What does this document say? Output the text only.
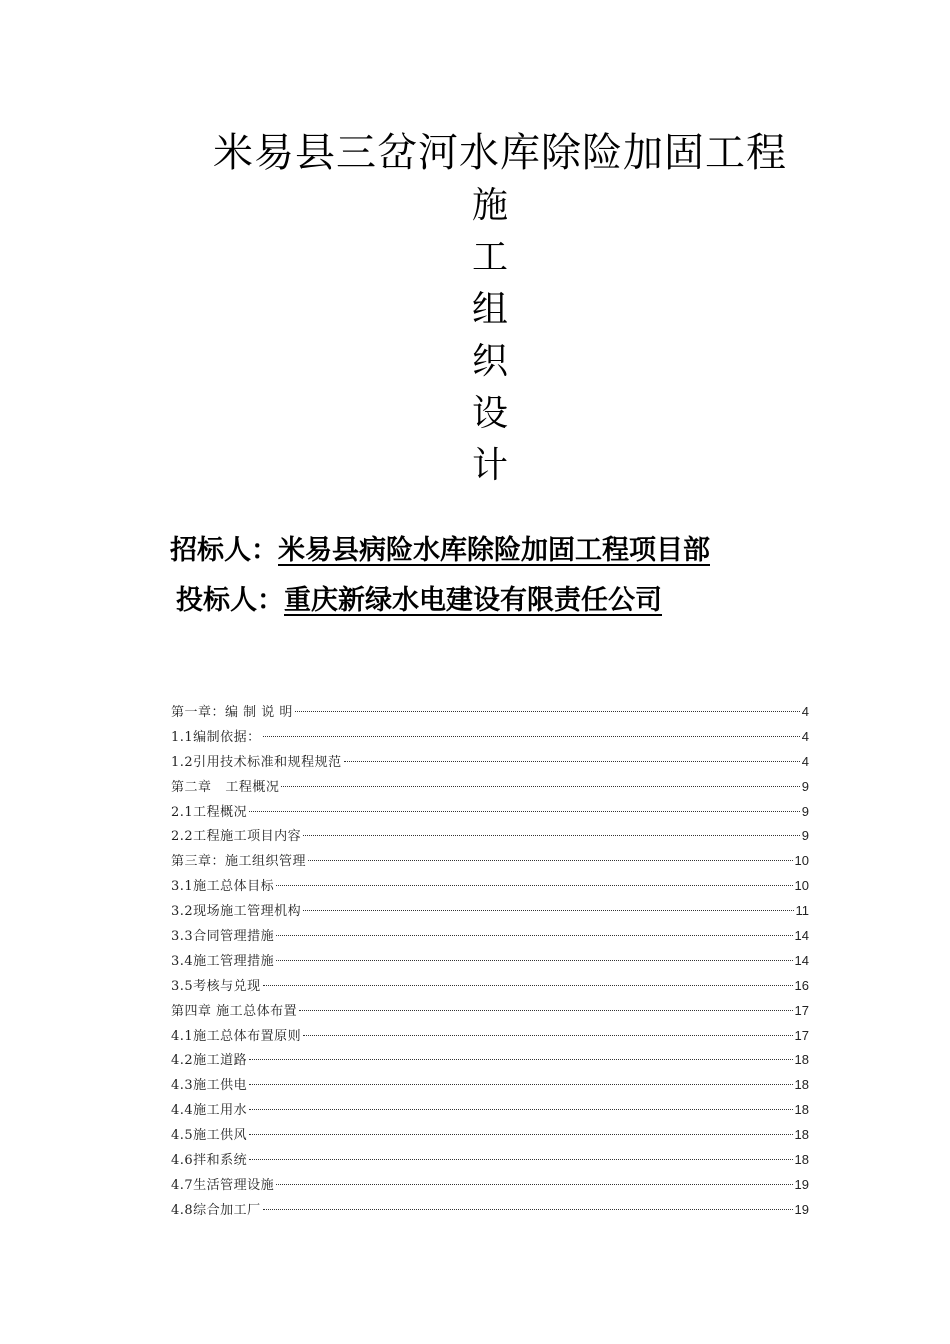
米易县三岔河水库除险加固工程
施
工
组
织
设
计
招标人：米易县病险水库除险加固工程项目部
投标人：重庆新绿水电建设有限责任公司
第一章：编 制 说 明	4
1.1编制依据：	4
1.2引用技术标准和规程规范	4
第二章   工程概况	9
2.1工程概况	9
2.2工程施工项目内容	9
第三章：施工组织管理	10
3.1施工总体目标	10
3.2现场施工管理机构	11
3.3合同管理措施	14
3.4施工管理措施	14
3.5考核与兑现	16
第四章 施工总体布置	17
4.1施工总体布置原则	17
4.2施工道路	18
4.3施工供电	18
4.4施工用水	18
4.5施工供风	18
4.6拌和系统	18
4.7生活管理设施	19
4.8综合加工厂	19
